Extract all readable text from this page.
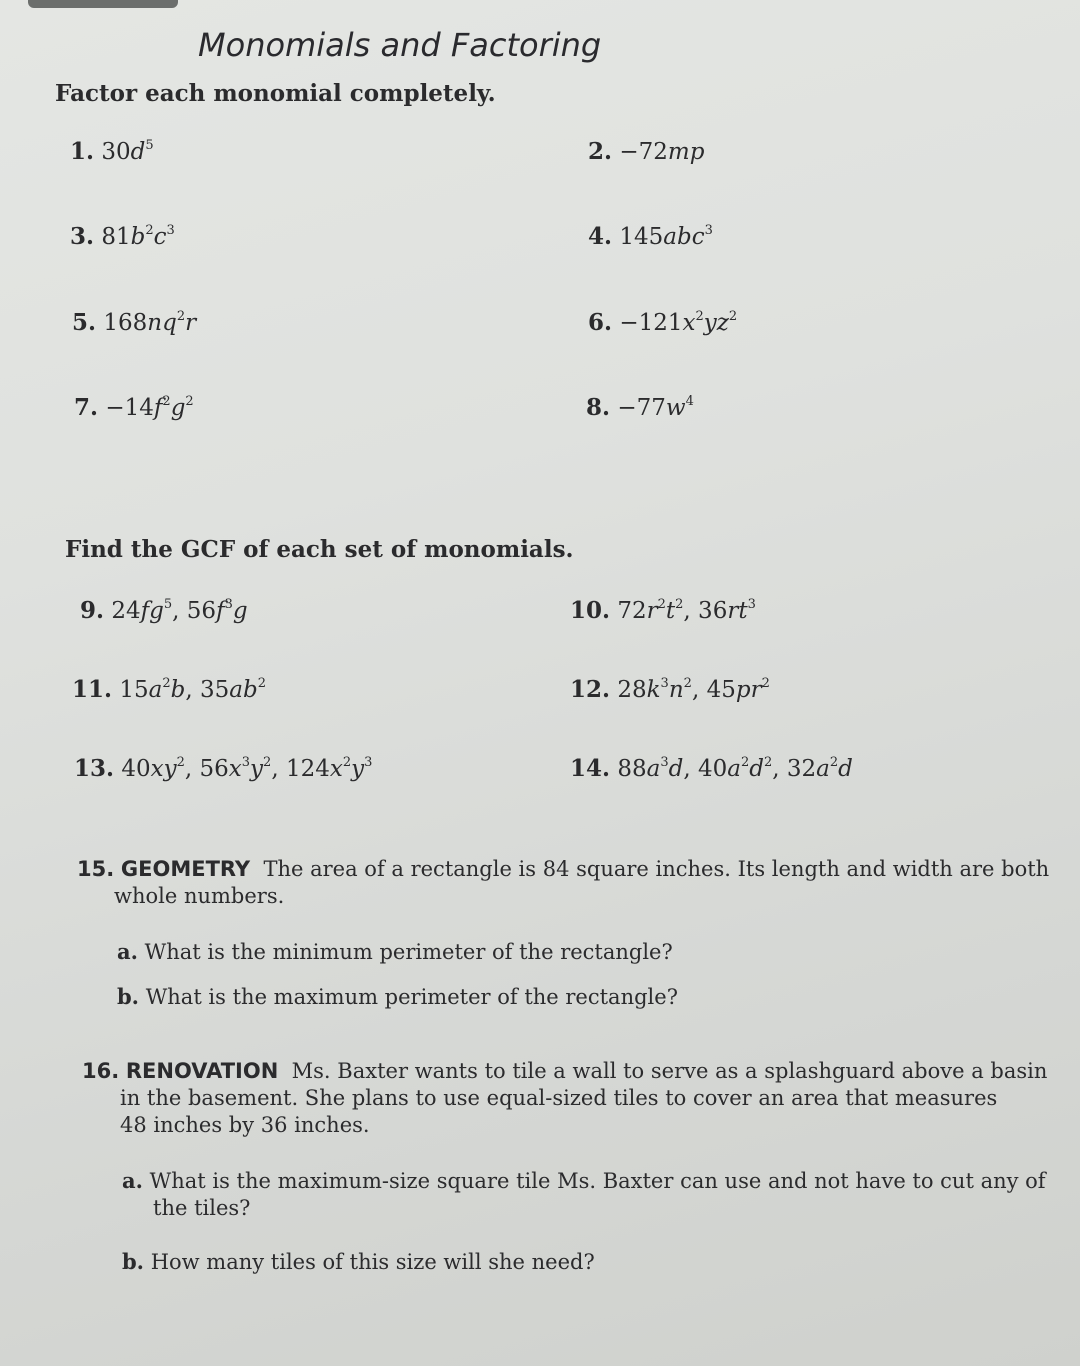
Monomials and Factoring

Factor each monomial completely.

1. $30d^5$	2. −72mp

3. $81b^2c^3$	4. 145abc$^3$

5. $168nq^2r$	6. $-121x^2yz^2$

7. $-14f^2g^2$	8. $-77w^4$

Find the GCF of each set of monomials.

9. $24fg^5$, $56f^3g$	10. $72r^2t^2$, $36rt^3$

11. $15a^2b$, $35ab^2$	12. $28k^3n^2$, $45pr^2$

13. $40xy^2$, $56x^3y^2$, $124x^2y^3$	14. $88a^3d$, $40a^2d^2$, $32a^2d$

15. GEOMETRY The area of a rectangle is 84 square inches. Its length and width are both
whole numbers.
a. What is the minimum perimeter of the rectangle?
b. What is the maximum perimeter of the rectangle?
16. RENOVATION Ms. Baxter wants to tile a wall to serve as a splashguard above a basin
in the basement. She plans to use equal-sized tiles to cover an area that measures
48 inches by 36 inches.
a. What is the maximum-size square tile Ms. Baxter can use and not have to cut any of
the tiles?
b. How many tiles of this size will she need?
